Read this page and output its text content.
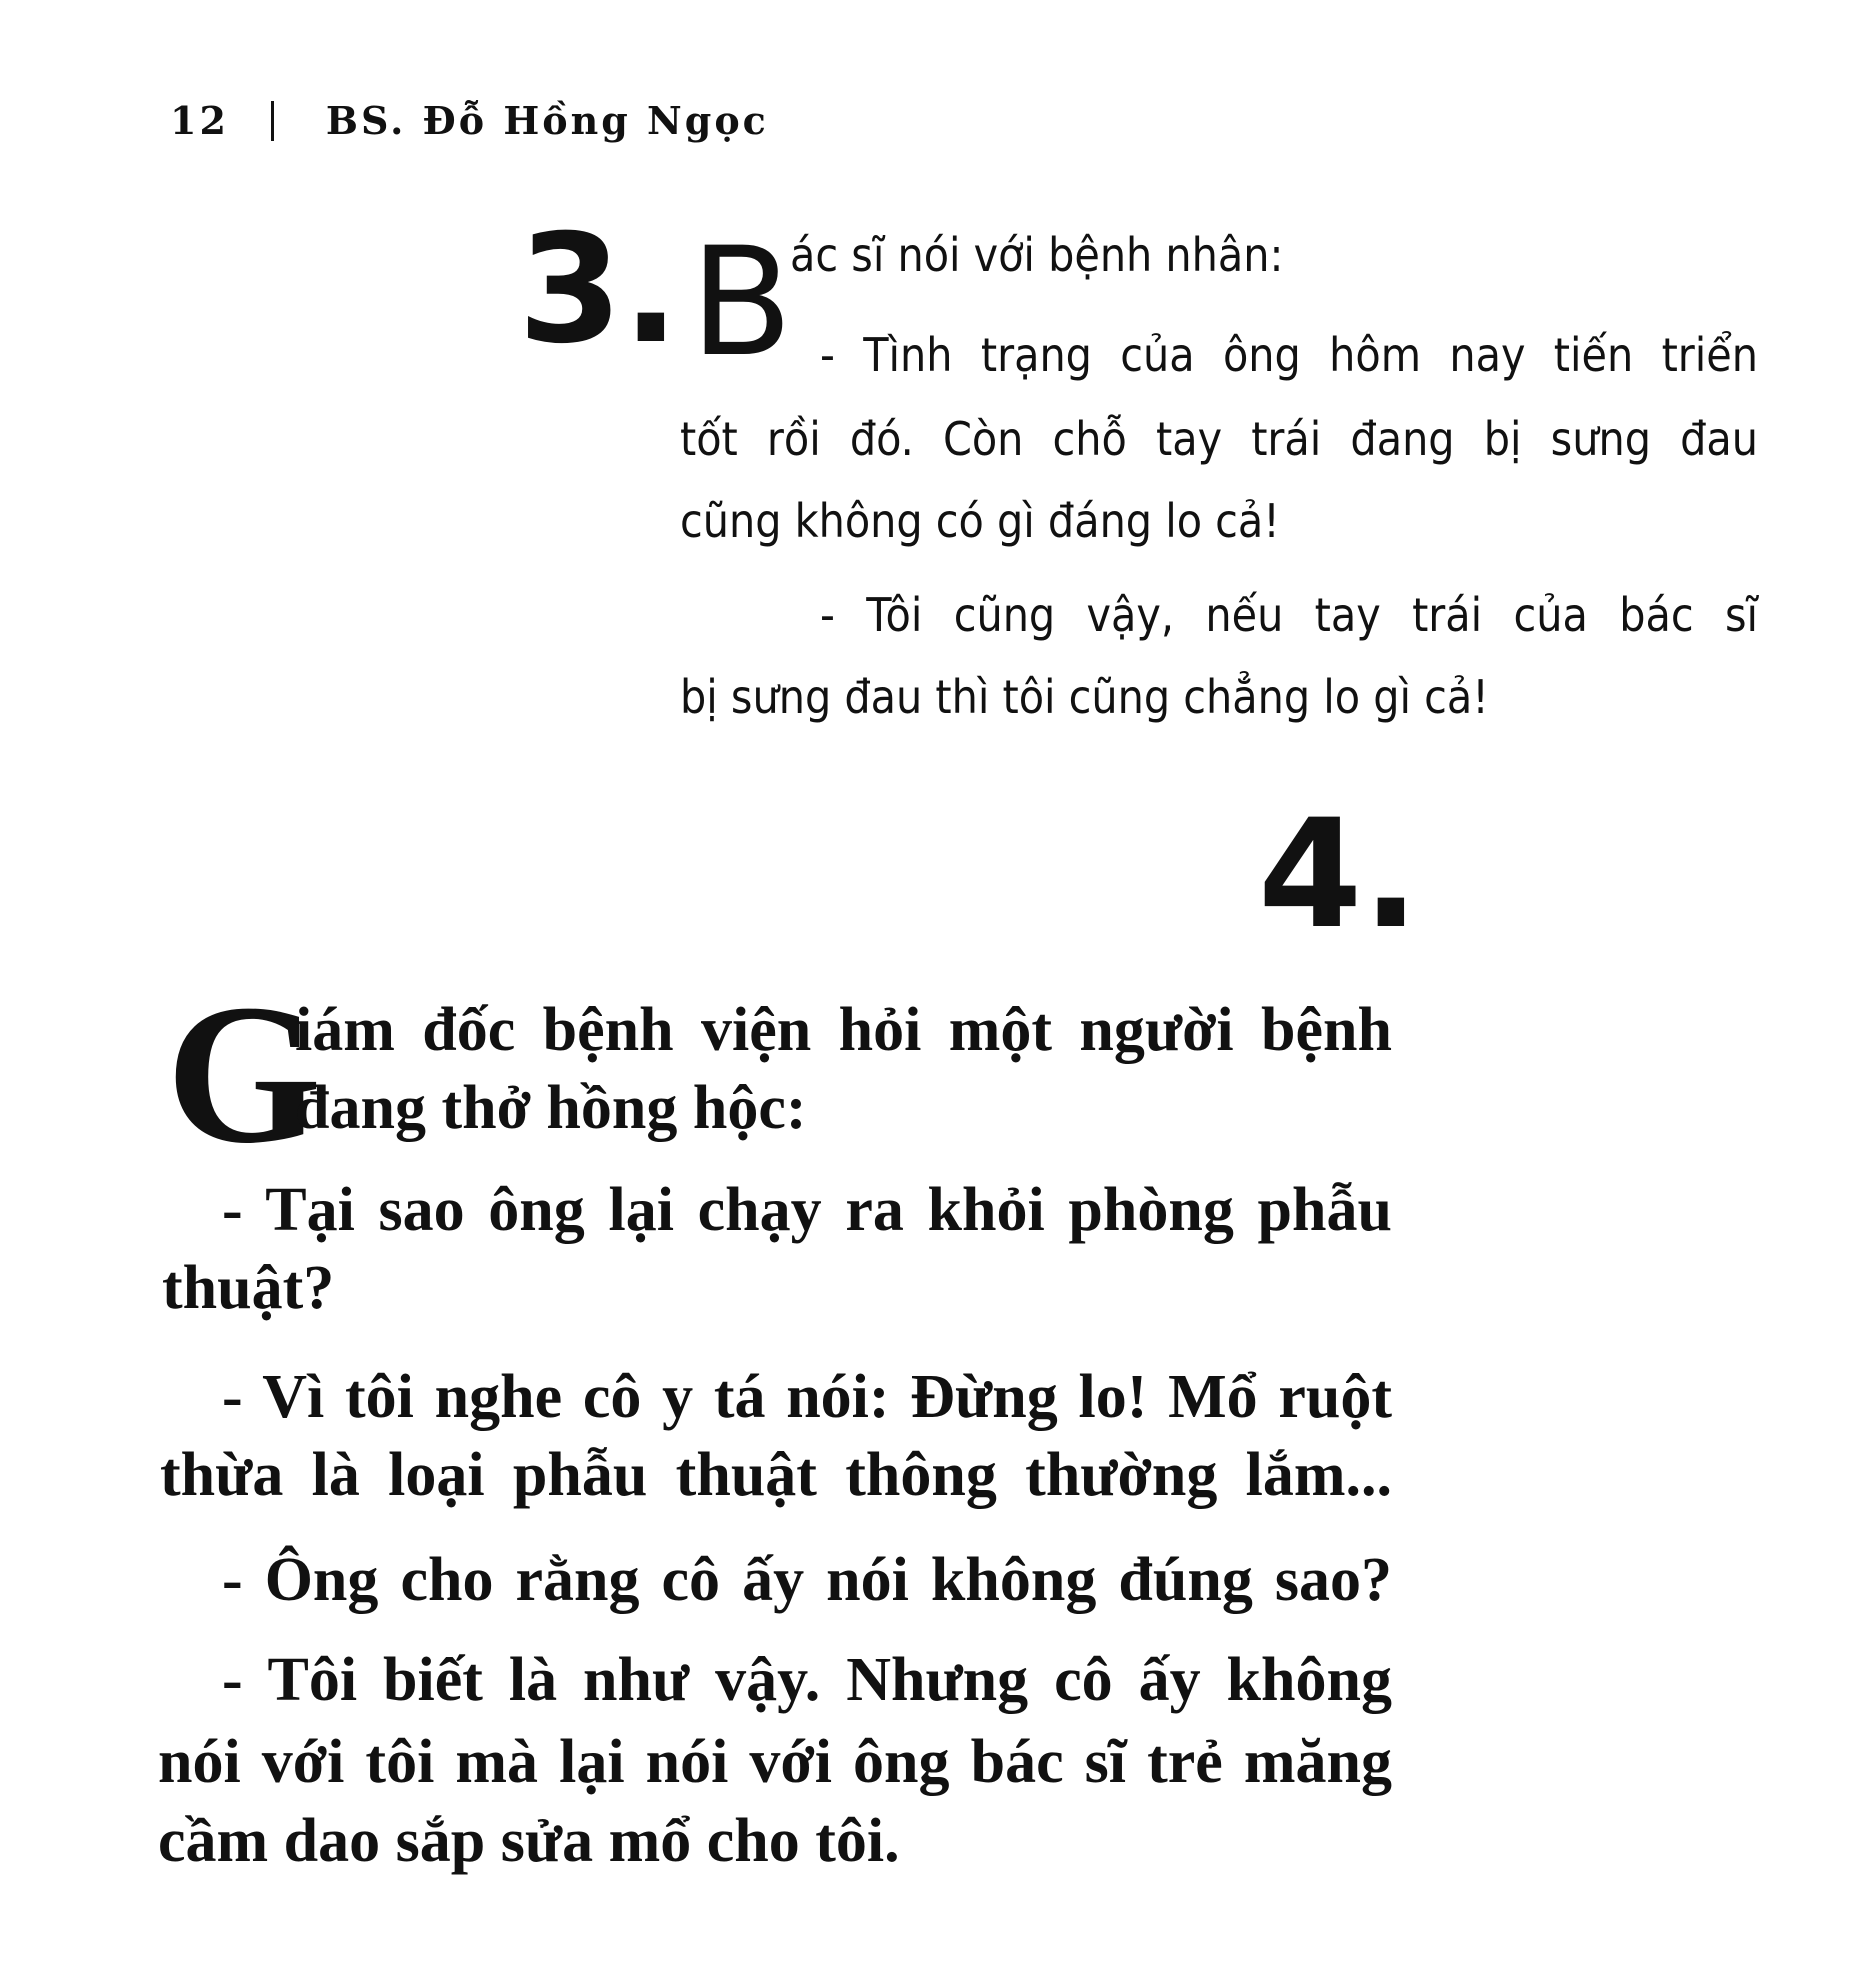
12	BS. Đỗ Hồng Ngọc
3. B
ác sĩ nói với bệnh nhân:
- Tình trạng của ông hôm nay tiến triển
tốt rồi đó. Còn chỗ tay trái đang bị sưng đau
cũng không có gì đáng lo cả!
- Tôi cũng vậy, nếu tay trái của bác sĩ
bị sưng đau thì tôi cũng chẳng lo gì cả!
4.
G
iám đốc bệnh viện hỏi một người bệnh
đang thở hồng hộc:
- Tại sao ông lại chạy ra khỏi phòng phẫu
thuật?
- Vì tôi nghe cô y tá nói: Đừng lo! Mổ ruột
thừa là loại phẫu thuật thông thường lắm...
- Ông cho rằng cô ấy nói không đúng sao?
- Tôi biết là như vậy. Nhưng cô ấy không
nói với tôi mà lại nói với ông bác sĩ trẻ măng
cầm dao sắp sửa mổ cho tôi.
